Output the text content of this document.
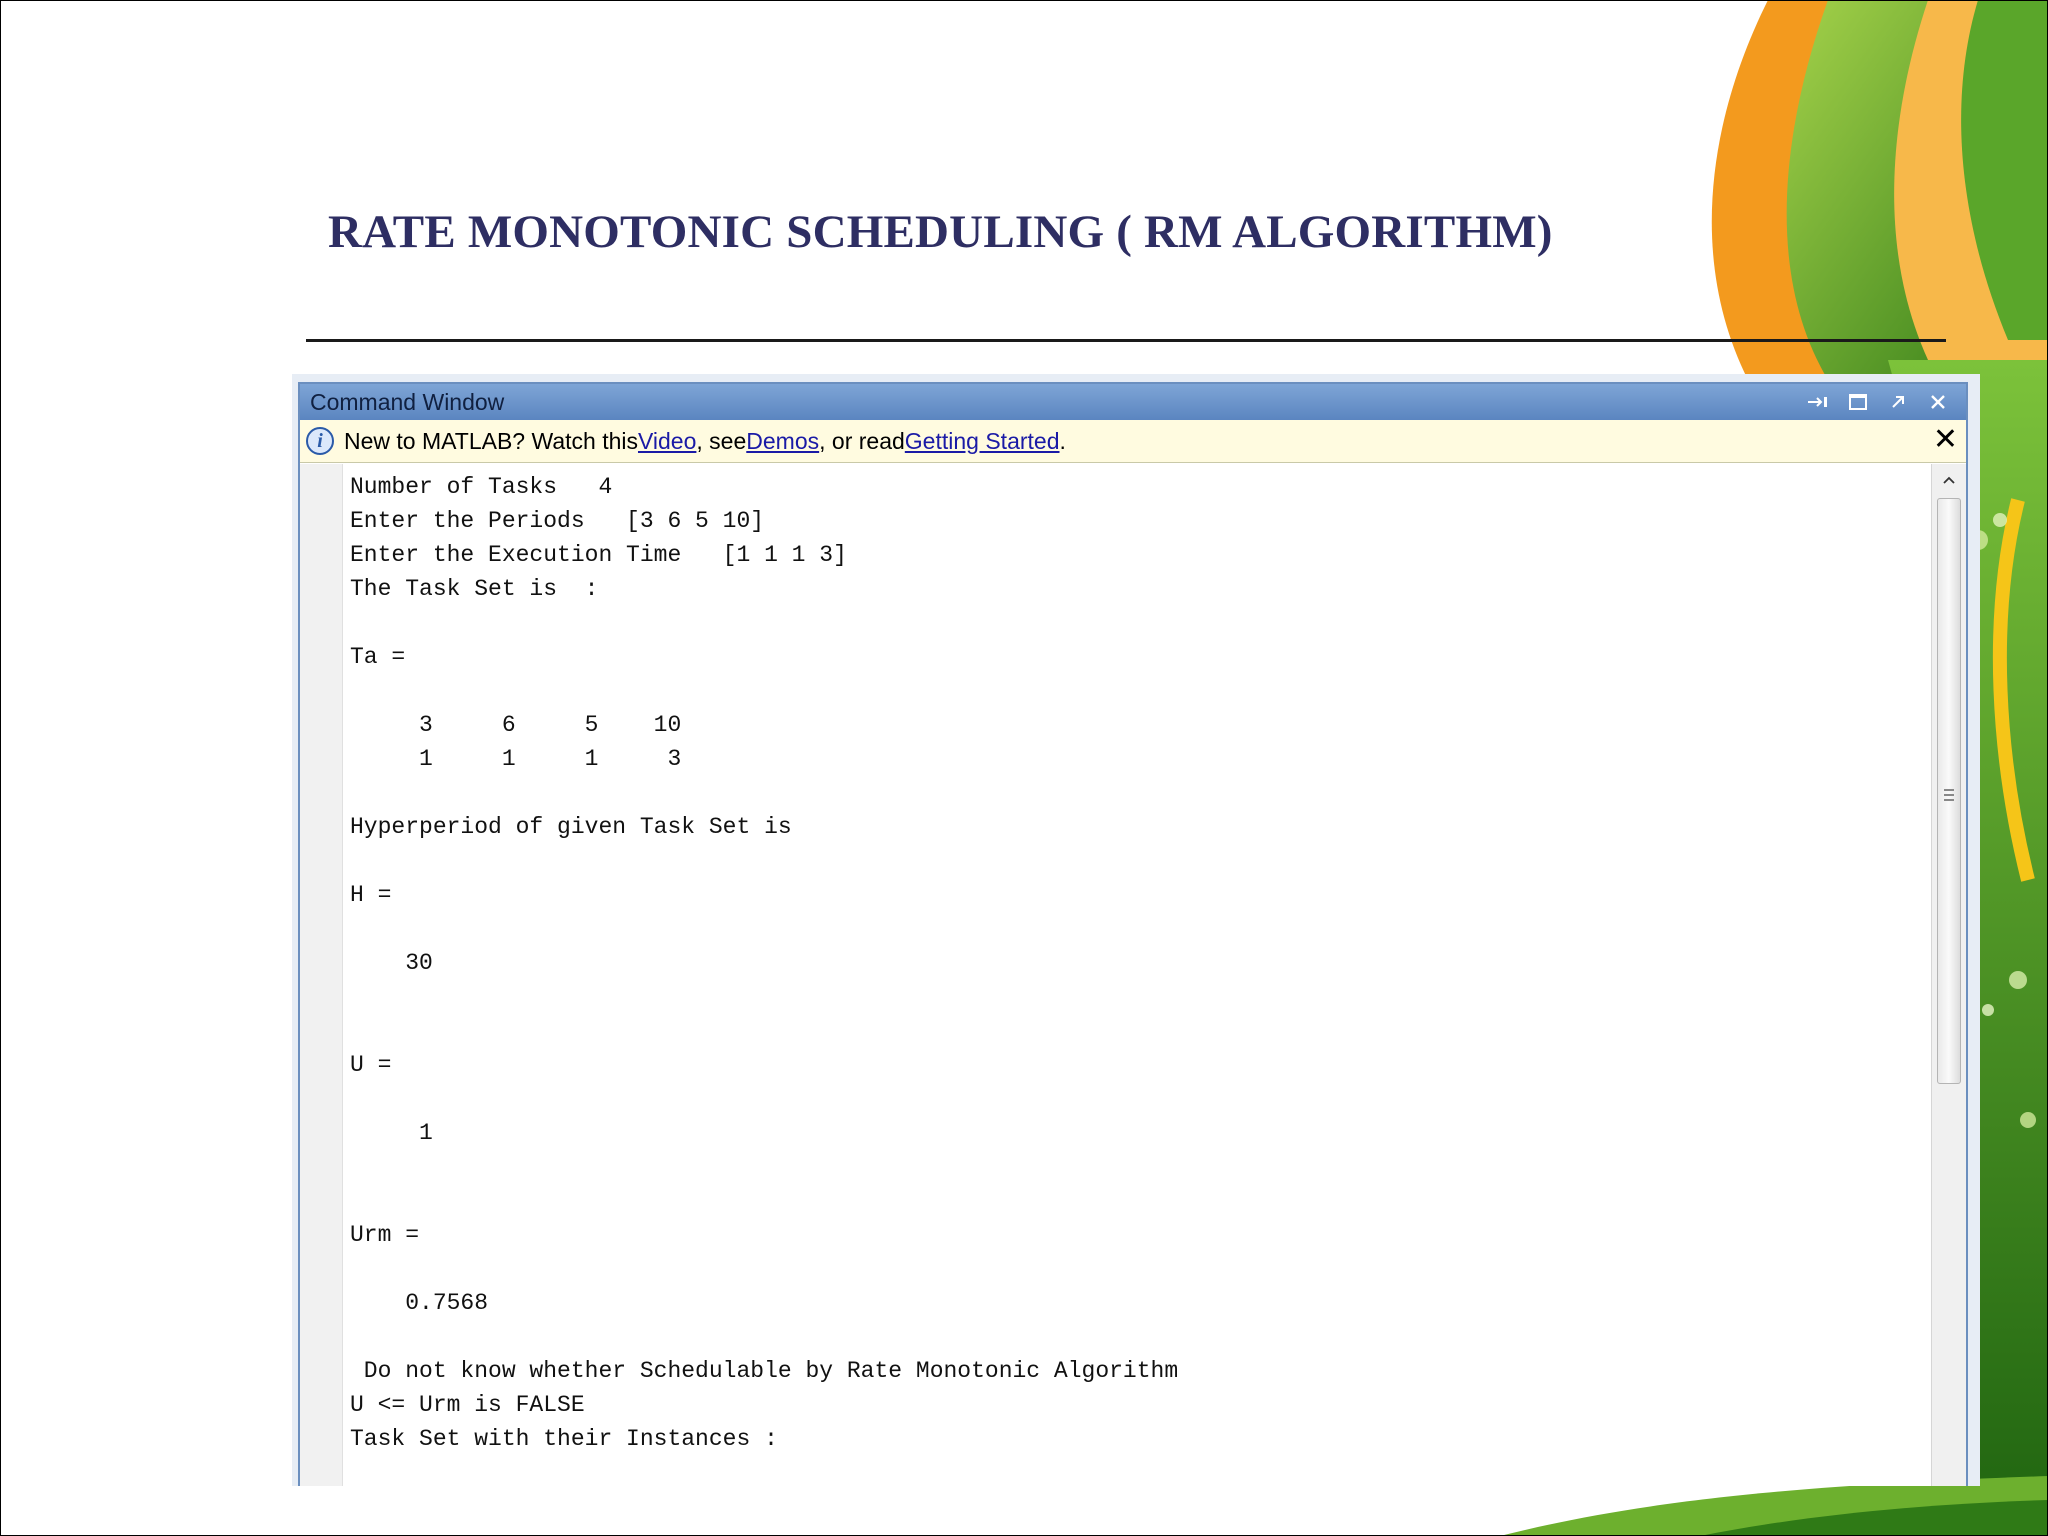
RATE MONOTONIC SCHEDULING ( RM ALGORITHM)
Command Window
i New to MATLAB? Watch this Video , see Demos , or read Getting Started .	✕
Number of Tasks   4
Enter the Periods   [3 6 5 10]
Enter the Execution Time   [1 1 1 3]
The Task Set is  :

Ta =

3     6     5    10
1     1     1     3

Hyperperiod of given Task Set is

H =

30

U =

1

Urm =

0.7568

Do not know whether Schedulable by Rate Monotonic Algorithm
U <= Urm is FALSE
Task Set with their Instances :
